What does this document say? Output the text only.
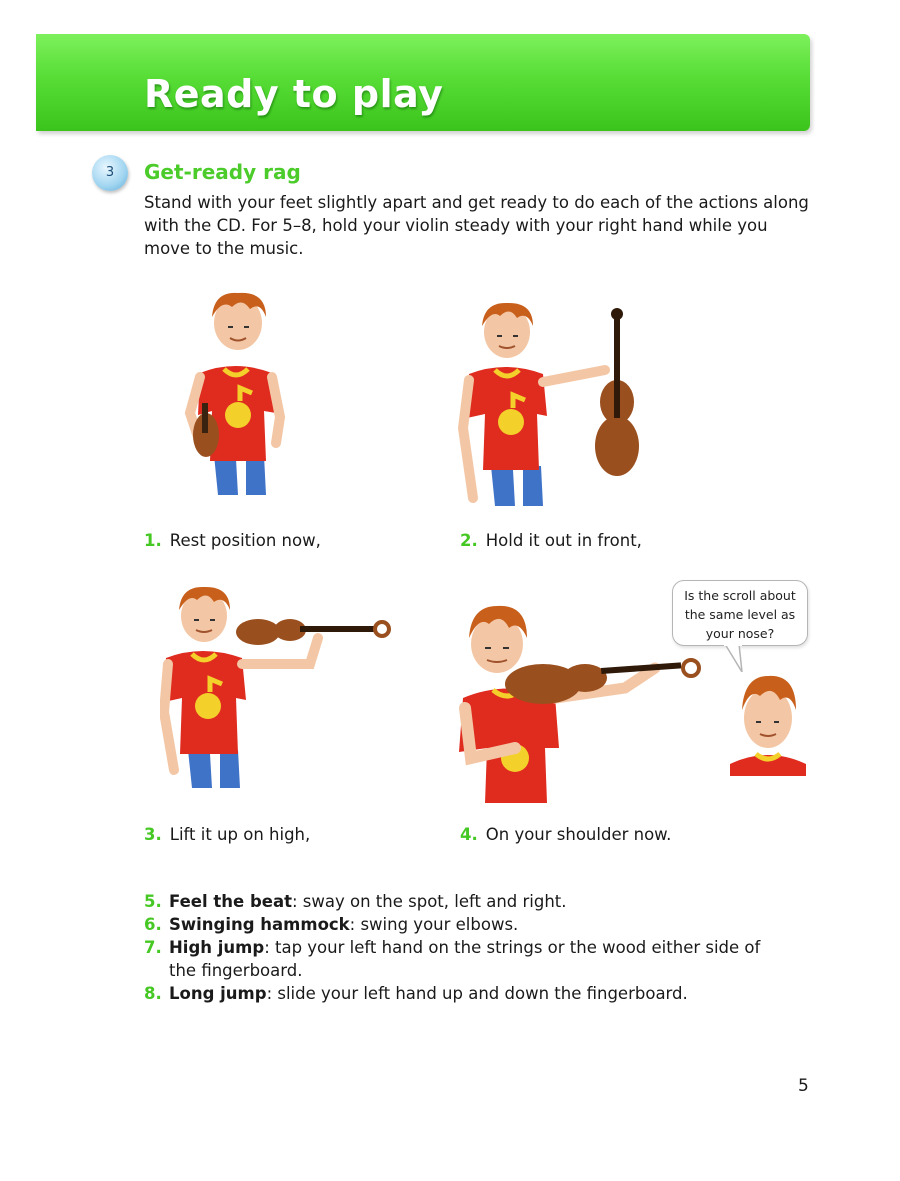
Ready to play
3	Get-ready rag
Stand with your feet slightly apart and get ready to do each of the actions along with the CD. For 5–8, hold your violin steady with your right hand while you move to the music.
1. Rest position now,	2. Hold it out in front,
Is the scroll about
the same level as
your nose?
3. Lift it up on high,	4. On your shoulder now.
5. Feel the beat: sway on the spot, left and right.
6. Swinging hammock: swing your elbows.
7. High jump: tap your left hand on the strings or the wood either side of
the fingerboard.
8. Long jump: slide your left hand up and down the fingerboard.
5
